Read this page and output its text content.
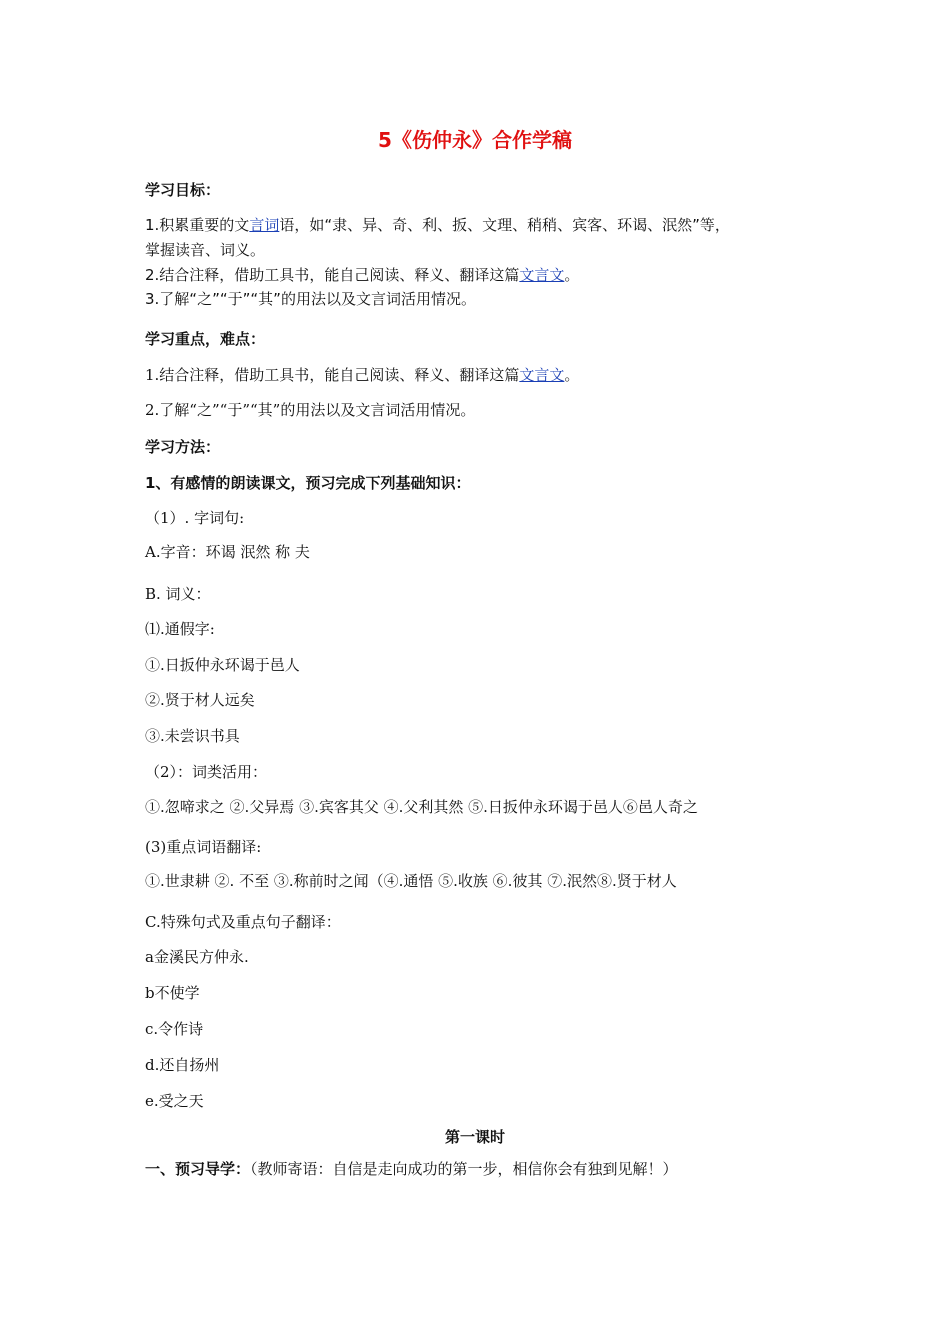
5《伤仲永》合作学稿
学习目标：
1.积累重要的文言词语，如“隶、异、奇、利、扳、文理、稍稍、宾客、环谒、泯然”等，
掌握读音、词义。
2.结合注释，借助工具书，能自己阅读、释义、翻译这篇文言文。
3.了解“之”“于”“其”的用法以及文言词活用情况。
学习重点，难点：
1.结合注释，借助工具书，能自己阅读、释义、翻译这篇文言文。
2.了解“之”“于”“其”的用法以及文言词活用情况。
学习方法：
1、有感情的朗读课文，预习完成下列基础知识：
（1）. 字词句:
A.字音：环谒 泯然 称 夫
B. 词义：
⑴.通假字:
①.日扳仲永环谒于邑人
②.贤于材人远矣
③.未尝识书具
（2）：词类活用：
①.忽啼求之 ②.父异焉 ③.宾客其父 ④.父利其然 ⑤.日扳仲永环谒于邑人⑥邑人奇之
(3)重点词语翻译:
①.世隶耕 ②. 不至 ③.称前时之闻（④.通悟 ⑤.收族 ⑥.彼其 ⑦.泯然⑧.贤于材人
C.特殊句式及重点句子翻译：
a金溪民方仲永.
b不使学
c.令作诗
d.还自扬州
e.受之天
第一课时
一、预习导学：（教师寄语：自信是走向成功的第一步，相信你会有独到见解！）
